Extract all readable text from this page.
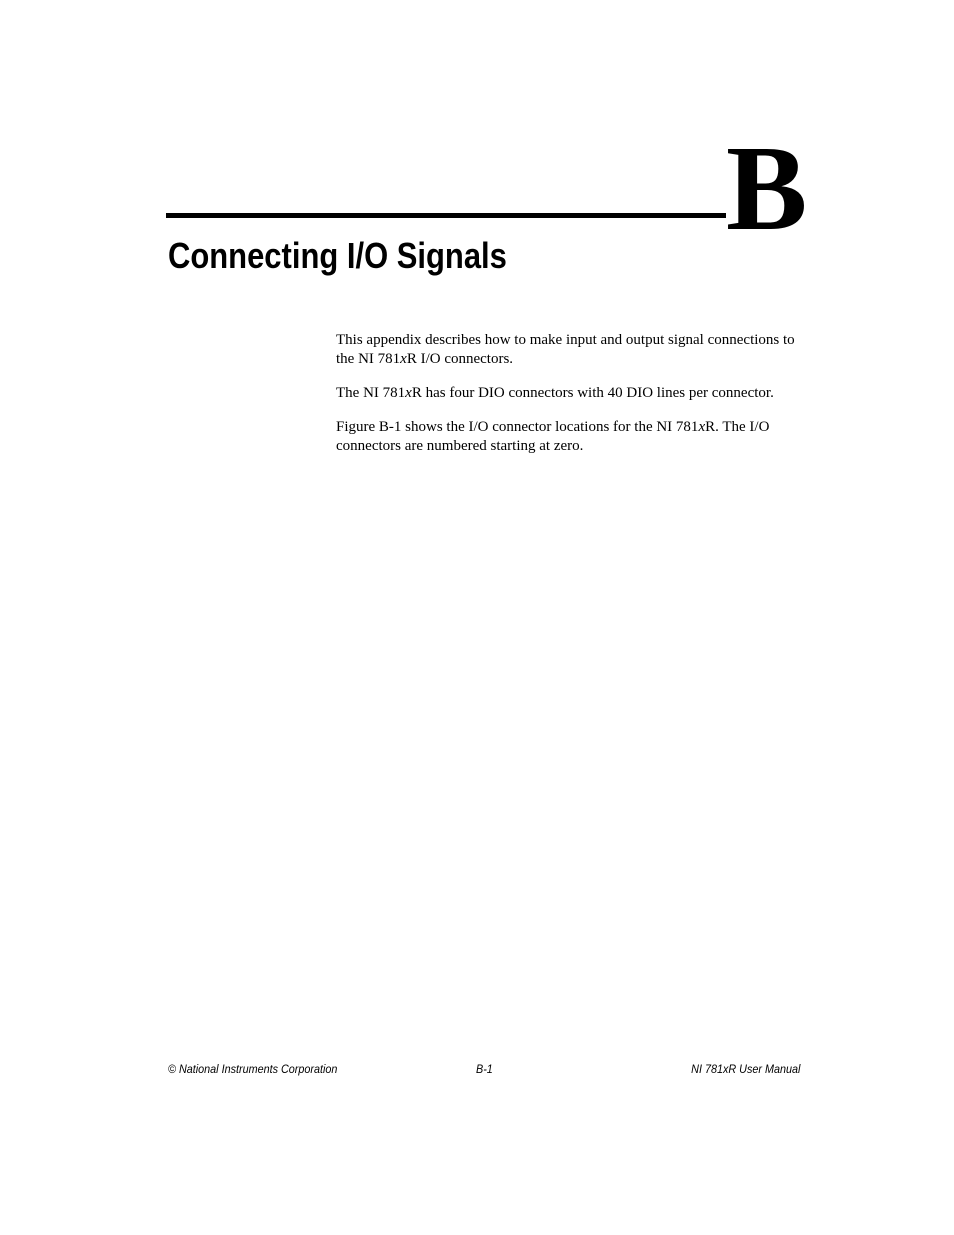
B
Connecting I/O Signals

This appendix describes how to make input and output signal connections to the NI 781xR I/O connectors.

The NI 781xR has four DIO connectors with 40 DIO lines per connector.

Figure B-1 shows the I/O connector locations for the NI 781xR. The I/O connectors are numbered starting at zero.

© National Instruments Corporation	B-1	NI 781xR User Manual
